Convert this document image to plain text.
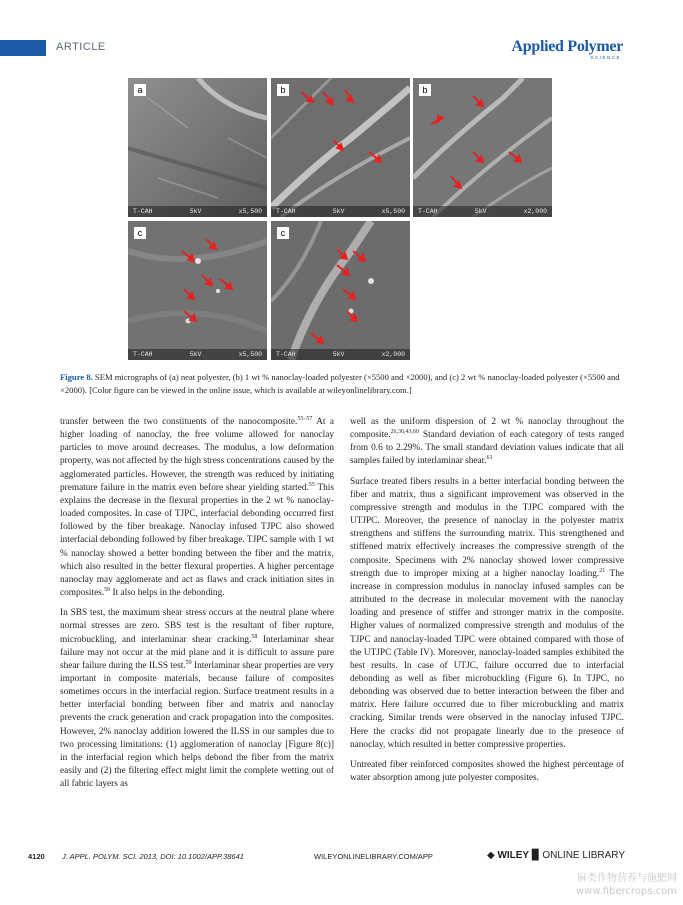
ARTICLE	Applied Polymer
SCIENCE
a
T-CAH	5kV	x5,500
b
T-CAH	5kV	x5,500
b
T-CAH	5kV	x2,000
c
T-CAH	5kV	x5,500
c
T-CAH	5kV	x2,000
Figure 8. SEM micrographs of (a) neat polyester, (b) 1 wt % nanoclay-loaded polyester (×5500 and ×2000), and (c) 2 wt % nanoclay-loaded polyester (×5500 and ×2000). [Color figure can be viewed in the online issue, which is available at wileyonlinelibrary.com.]

transfer between the two constituents of the nanocomposite.$^{55-57}$ At a higher loading of nanoclay, the free volume allowed for nanoclay particles to move around decreases. The modulus, a low deformation property, was not affected by the high stress concentrations caused by the agglomerated particles. However, the strength was reduced by initiating premature failure in the matrix even before shear yielding started.$^{55}$ This explains the decrease in the flexural properties in the 2 wt % nanoclay-loaded composites. In case of TJPC, interfacial debonding occurred first followed by the fiber breakage. Nanoclay infused TJPC also showed interfacial debonding followed by fiber breakage. TJPC sample with 1 wt % nanoclay showed a better bonding between the fiber and the matrix, which also resulted in the better flexural properties. A higher percentage nanoclay may agglomerate and act as flaws and crack initiation sites in composites.$^{50}$ It also helps in the debonding.

In SBS test, the maximum shear stress occurs at the neutral plane where normal stresses are zero. SBS test is the resultant of fiber rupture, microbuckling, and interlaminar shear cracking.$^{58}$ Interlaminar shear failure may not occur at the mid plane and it is difficult to assure pure shear failure during the ILSS test.$^{59}$ Interlaminar shear properties are very important in composite materials, because failure of composites sometimes occurs in the interfacial region. Surface treatment results in a better interfacial bonding between fiber and matrix and nanoclay prevents the crack generation and crack propagation into the composites. However, 2% nanoclay addition lowered the ILSS in our samples due to two processing limitations: (1) agglomeration of nanoclay [Figure 8(c)] in the interfacial region which helps debond the fiber from the matrix easily and (2) the filtering effect might limit the complete wetting out of all fabric layers as

well as the uniform dispersion of 2 wt % nanoclay throughout the composite.$^{26,36,43,60}$ Standard deviation of each category of tests ranged from 0.6 to 2.29%. The small standard deviation values indicate that all samples failed by interlaminar shear.$^{61}$

Surface treated fibers results in a better interfacial bonding between the fiber and matrix, thus a significant improvement was observed in the compressive strength and modulus in the TJPC compared with the UTJPC. Moreover, the presence of nanoclay in the polyester matrix strengthens and stiffens the surrounding matrix. This strengthened and stiffened matrix effectively increases the compressive strength of the composite. Specimens with 2% nanoclay showed lower compressive strength due to improper mixing at a higher nanoclay loading.$^{21}$ The increase in compression modulus in nanoclay infused samples can be attributed to the decrease in molecular movement with the nanoclay loading and presence of stiffer and stronger matrix in the composite. Higher values of normalized compressive strength and modulus of the TJPC and nanoclay-loaded TJPC were obtained compared with those of the UTJPC (Table IV). Moreover, nanoclay-loaded samples exhibited the best results. In case of UTJC, failure occurred due to interfacial debonding as well as fiber microbuckling (Figure 6). In TJPC, no debonding was observed due to better interaction between the fiber and matrix. Here failure occurred due to fiber microbuckling and matrix cracking. Similar trends were observed in the nanoclay infused TJPC. Here the cracks did not propagate linearly due to the presence of nanoclay, which resulted in better compressive properties.

Untreated fiber reinforced composites showed the highest percentage of water absorption among jute polyester composites.

4120 J. APPL. POLYM. SCI. 2013, DOI: 10.1002/APP.38641	WILEYONLINELIBRARY.COM/APP	◆ WILEY ▉ ONLINE LIBRARY
麻类作物营养与施肥网
www.fibercrops.com
